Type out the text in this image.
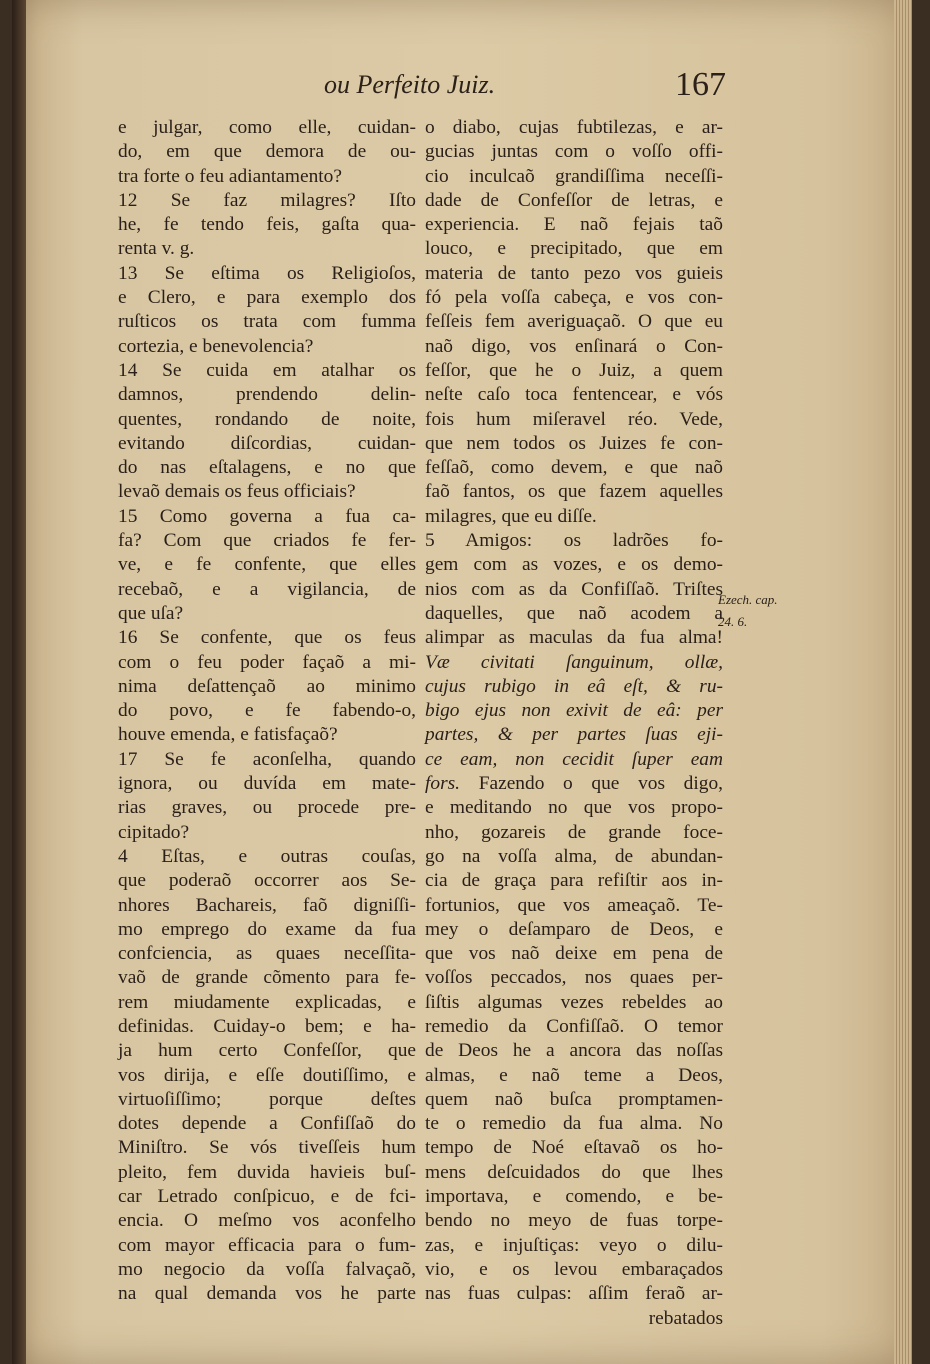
ou Perfeito Juiz.	167
e julgar, como elle, cuidan-
do, em que demora de ou-
tra forte o feu adiantamento?
12 Se faz milagres? Iſto
he, fe tendo feis, gaſta qua-
renta v. g.
13 Se eſtima os Religioſos,
e Clero, e para exemplo dos
ruſticos os trata com fumma
cortezia, e benevolencia?
14 Se cuida em atalhar os
damnos, prendendo delin-
quentes, rondando de noite,
evitando diſcordias, cuidan-
do nas eſtalagens, e no que
levaõ demais os feus officiais?
15 Como governa a fua ca-
fa? Com que criados fe fer-
ve, e fe confente, que elles
recebaõ, e a vigilancia, de
que uſa?
16 Se confente, que os feus
com o feu poder façaõ a mi-
nima deſattençaõ ao minimo
do povo, e fe fabendo-o,
houve emenda, e fatisfaçaõ?
17 Se fe aconſelha, quando
ignora, ou duvída em mate-
rias graves, ou procede pre-
cipitado?
4 Eſtas, e outras couſas,
que poderaõ occorrer aos Se-
nhores Bachareis, faõ digniſſi-
mo emprego do exame da fua
confciencia, as quaes neceſſita-
vaõ de grande cõmento para fe-
rem miudamente explicadas, e
definidas. Cuiday-o bem; e ha-
ja hum certo Confeſſor, que
vos dirija, e eſſe doutiſſimo, e
virtuoſiſſimo; porque deſtes
dotes depende a Confiſſaõ do
Miniſtro. Se vós tiveſſeis hum
pleito, fem duvida havieis buſ-
car Letrado conſpicuo, e de fci-
encia. O meſmo vos aconfelho
com mayor efficacia para o fum-
mo negocio da voſſa falvaçaõ,
na qual demanda vos he parte
o diabo, cujas fubtilezas, e ar-
gucias juntas com o voſſo offi-
cio inculcaõ grandiſſima neceſſi-
dade de Confeſſor de letras, e
experiencia. E naõ fejais taõ
louco, e precipitado, que em
materia de tanto pezo vos guieis
fó pela voſſa cabeça, e vos con-
feſſeis fem averiguaçaõ. O que eu
naõ digo, vos enſinará o Con-
feſſor, que he o Juiz, a quem
neſte caſo toca fentencear, e vós
fois hum miſeravel réo. Vede,
que nem todos os Juizes fe con-
feſſaõ, como devem, e que naõ
faõ fantos, os que fazem aquelles
milagres, que eu diſſe.
5 Amigos: os ladrões fo-
gem com as vozes, e os demo-
nios com as da Confiſſaõ. Triſtes
daquelles, que naõ acodem a
alimpar as maculas da fua alma!
Væ civitati ſanguinum, ollæ,
cujus rubigo in eâ eſt, & ru-
bigo ejus non exivit de eâ: per
partes, & per partes ſuas eji-
ce eam, non cecidit ſuper eam
fors. Fazendo o que vos digo,
e meditando no que vos propo-
nho, gozareis de grande foce-
go na voſſa alma, de abundan-
cia de graça para refiſtir aos in-
fortunios, que vos ameaçaõ. Te-
mey o deſamparo de Deos, e
que vos naõ deixe em pena de
voſſos peccados, nos quaes per-
ſiſtis algumas vezes rebeldes ao
remedio da Confiſſaõ. O temor
de Deos he a ancora das noſſas
almas, e naõ teme a Deos,
quem naõ buſca promptamen-
te o remedio da fua alma. No
tempo de Noé eſtavaõ os ho-
mens deſcuidados do que lhes
importava, e comendo, e be-
bendo no meyo de fuas torpe-
zas, e injuſtiças: veyo o dilu-
vio, e os levou embaraçados
nas fuas culpas: aſſim feraõ ar-
rebatados
Ezech. cap.
24. 6.
